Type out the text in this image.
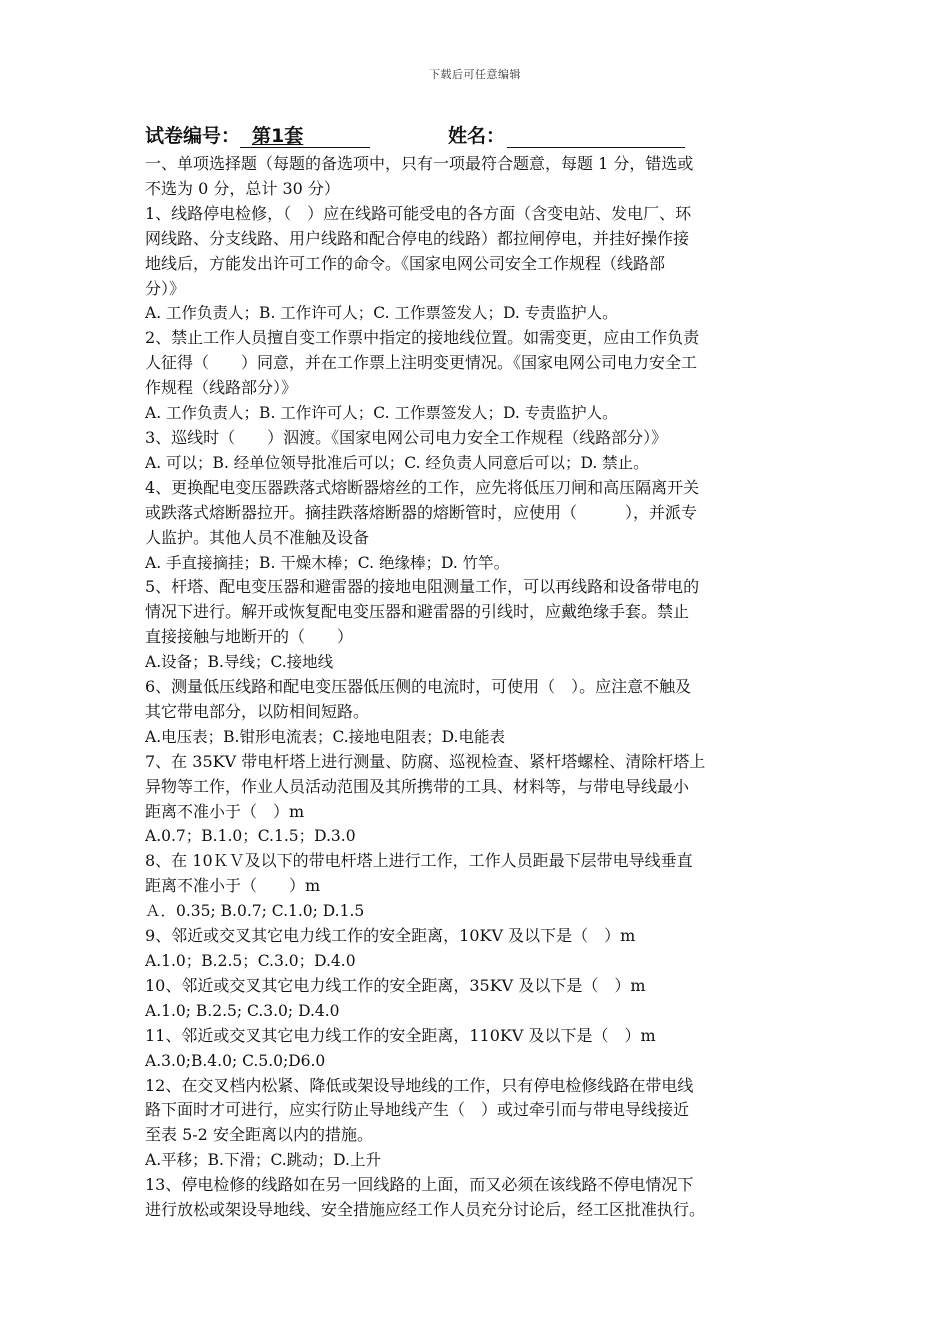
下载后可任意编辑
试卷编号： 第1套	姓名：
一、单项选择题（每题的备选项中，只有一项最符合题意，每题 1 分，错选或
不选为 0 分，总计 30 分）
1、线路停电检修，（　）应在线路可能受电的各方面（含变电站、发电厂、环
网线路、分支线路、用户线路和配合停电的线路）都拉闸停电，并挂好操作接
地线后，方能发出许可工作的命令。《国家电网公司安全工作规程（线路部
分）》
A. 工作负责人；B. 工作许可人；C. 工作票签发人；D. 专责监护人。
2、禁止工作人员擅自变工作票中指定的接地线位置。如需变更，应由工作负责
人征得（　　）同意，并在工作票上注明变更情况。《国家电网公司电力安全工
作规程（线路部分）》
A. 工作负责人；B. 工作许可人；C. 工作票签发人；D. 专责监护人。
3、巡线时（　　）泅渡。《国家电网公司电力安全工作规程（线路部分）》
A. 可以；B. 经单位领导批准后可以；C. 经负责人同意后可以；D. 禁止。
4、更换配电变压器跌落式熔断器熔丝的工作，应先将低压刀闸和高压隔离开关
或跌落式熔断器拉开。摘挂跌落熔断器的熔断管时，应使用（　　　），并派专
人监护。其他人员不准触及设备
A. 手直接摘挂；B. 干燥木棒；C. 绝缘棒；D. 竹竿。
5、杆塔、配电变压器和避雷器的接地电阻测量工作，可以再线路和设备带电的
情况下进行。解开或恢复配电变压器和避雷器的引线时，应戴绝缘手套。禁止
直接接触与地断开的（　　）
A.设备；B.导线；C.接地线
6、测量低压线路和配电变压器低压侧的电流时，可使用（　）。应注意不触及
其它带电部分，以防相间短路。
A.电压表；B.钳形电流表；C.接地电阻表；D.电能表
7、在 35KV 带电杆塔上进行测量、防腐、巡视检查、紧杆塔螺栓、清除杆塔上
异物等工作，作业人员活动范围及其所携带的工具、材料等，与带电导线最小
距离不准小于（　）m
A.0.7；B.1.0；C.1.5；D.3.0
8、在 10ＫＶ及以下的带电杆塔上进行工作，工作人员距最下层带电导线垂直
距离不准小于（　　）m
Ａ．0.35; B.0.7; C.1.0; D.1.5
9、邻近或交叉其它电力线工作的安全距离，10KV 及以下是（　）m
A.1.0；B.2.5；C.3.0；D.4.0
10、邻近或交叉其它电力线工作的安全距离，35KV 及以下是（　）m
A.1.0; B.2.5; C.3.0; D.4.0
11、邻近或交叉其它电力线工作的安全距离，110KV 及以下是（　）m
A.3.0;B.4.0; C.5.0;D6.0
12、在交叉档内松紧、降低或架设导地线的工作，只有停电检修线路在带电线
路下面时才可进行，应实行防止导地线产生（　）或过牵引而与带电导线接近
至表 5-2 安全距离以内的措施。
A.平移；B.下滑；C.跳动；D.上升
13、停电检修的线路如在另一回线路的上面，而又必须在该线路不停电情况下
进行放松或架设导地线、安全措施应经工作人员充分讨论后，经工区批准执行。
